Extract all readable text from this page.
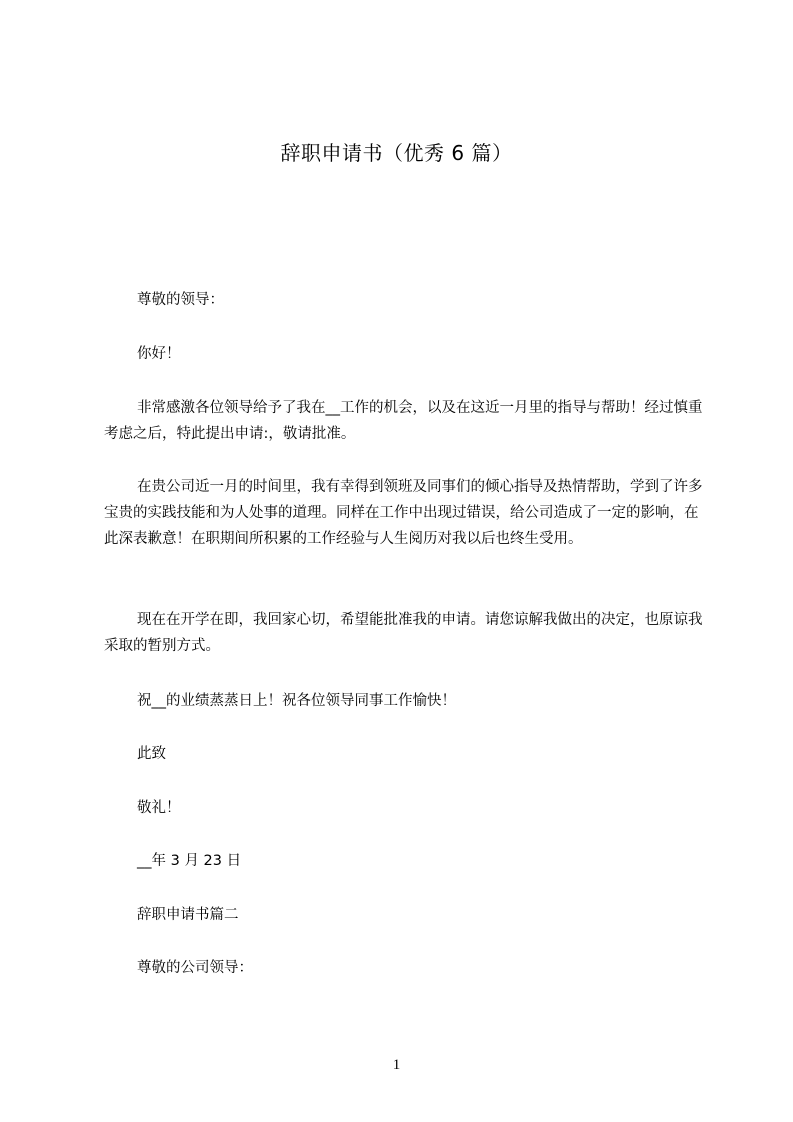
辞职申请书（优秀 6 篇）

尊敬的领导：

你好！

非常感激各位领导给予了我在__工作的机会，以及在这近一月里的指导与帮助！经过慎重考虑之后，特此提出申请:，敬请批准。

在贵公司近一月的时间里，我有幸得到领班及同事们的倾心指导及热情帮助，学到了许多宝贵的实践技能和为人处事的道理。同样在工作中出现过错误，给公司造成了一定的影响，在此深表歉意！在职期间所积累的工作经验与人生阅历对我以后也终生受用。

现在在开学在即，我回家心切，希望能批准我的申请。请您谅解我做出的决定，也原谅我采取的暂别方式。

祝__的业绩蒸蒸日上！祝各位领导同事工作愉快！

此致

敬礼！

__年 3 月 23 日

辞职申请书篇二

尊敬的公司领导：

1
